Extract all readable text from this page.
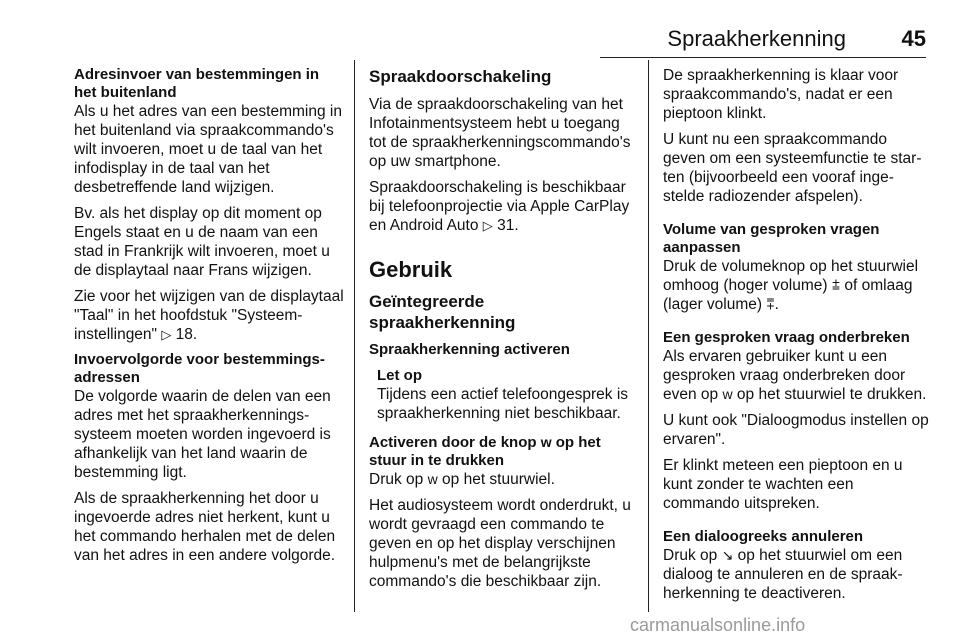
Spraakherkenning	45
Adresinvoer van bestemmingen in het buitenland

Als u het adres van een bestemming in het buitenland via spraakcommando's wilt invoeren, moet u de taal van het infodisplay in de taal van het desbetreffende land wijzigen.

Bv. als het display op dit moment op Engels staat en u de naam van een stad in Frankrijk wilt invoeren, moet u de displaytaal naar Frans wijzigen.

Zie voor het wijzigen van de displaytaal "Taal" in het hoofdstuk "Systeeminstellingen" ▷ 18.

Invoervolgorde voor bestemmingsadressen

De volgorde waarin de delen van een adres met het spraakherkenningssysteem moeten worden ingevoerd is afhankelijk van het land waarin de bestemming ligt.

Als de spraakherkenning het door u ingevoerde adres niet herkent, kunt u het commando herhalen met de delen van het adres in een andere volgorde.

Spraakdoorschakeling

Via de spraakdoorschakeling van het Infotainmentsysteem hebt u toegang tot de spraakherkenningscommando's op uw smartphone.

Spraakdoorschakeling is beschikbaar bij telefoonprojectie via Apple CarPlay en Android Auto ▷ 31.

Gebruik
Geïntegreerde spraakherkenning
Spraakherkenning activeren
Let op

Tijdens een actief telefoongesprek is spraakherkenning niet beschikbaar.

Activeren door de knop w op het stuur in te drukken

Druk op w op het stuurwiel.

Het audiosysteem wordt onderdrukt, u wordt gevraagd een commando te geven en op het display verschijnen hulpmenu's met de belangrijkste commando's die beschikbaar zijn.

De spraakherkenning is klaar voor spraakcommando's, nadat er een pieptoon klinkt.

U kunt nu een spraakcommando geven om een systeemfunctie te starten (bijvoorbeeld een vooraf ingestelde radiozender afspelen).

Volume van gesproken vragen aanpassen

Druk de volumeknop op het stuurwiel omhoog (hoger volume) ⩲ of omlaag (lager volume) ⩱.

Een gesproken vraag onderbreken

Als ervaren gebruiker kunt u een gesproken vraag onderbreken door even op w op het stuurwiel te drukken.

U kunt ook "Dialoogmodus instellen op ervaren".

Er klinkt meteen een pieptoon en u kunt zonder te wachten een commando uitspreken.

Een dialoogreeks annuleren

Druk op ↘ op het stuurwiel om een dialoog te annuleren en de spraakherkenning te deactiveren.

carmanualsonline.info
